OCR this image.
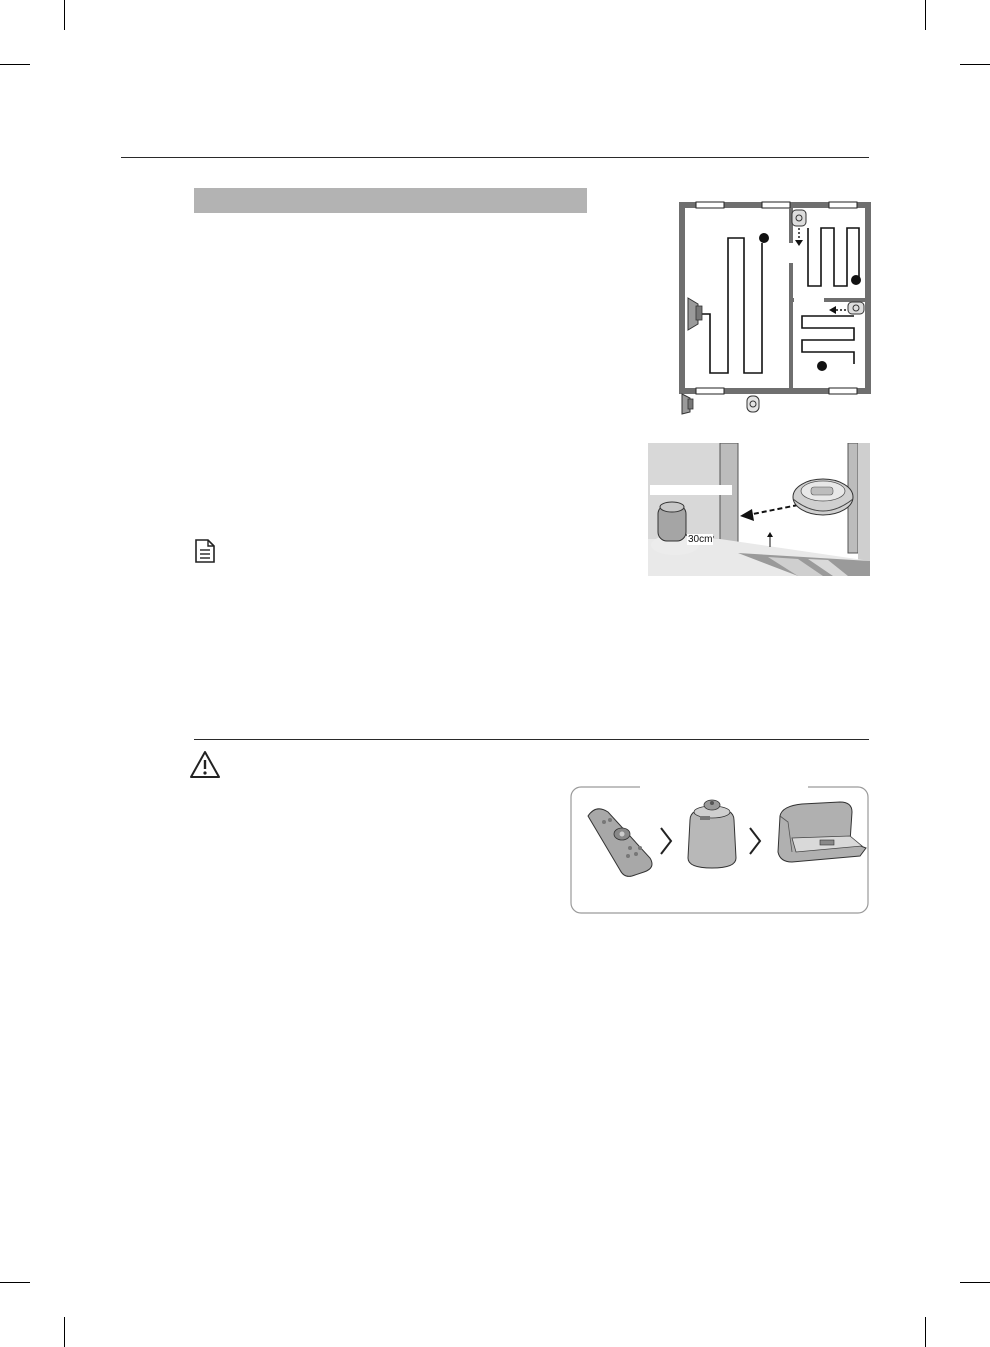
30cm
